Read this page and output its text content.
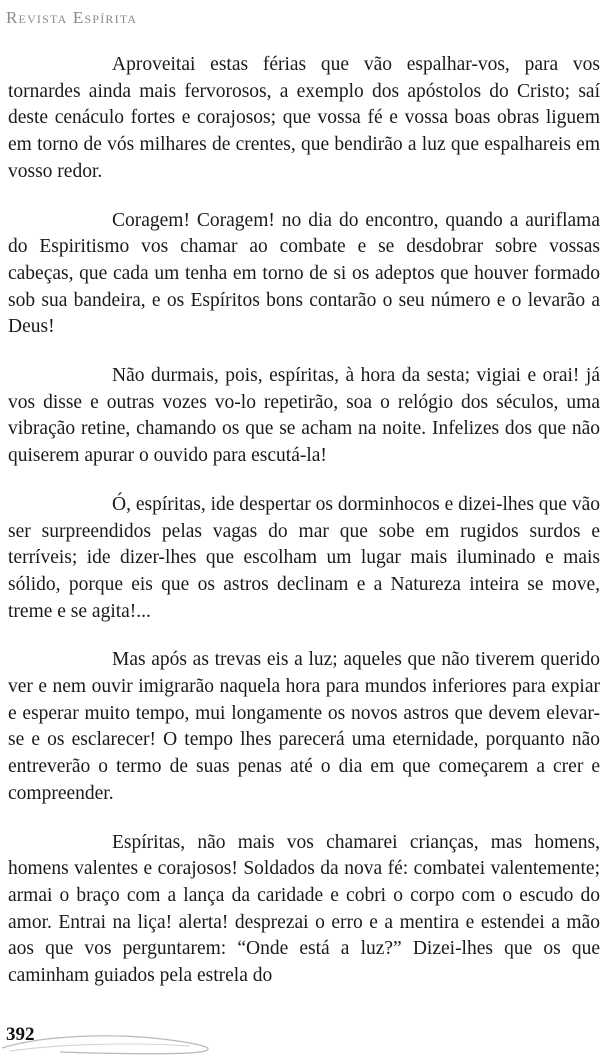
Revista Espírita

Aproveitai estas férias que vão espalhar-vos, para vos tornardes ainda mais fervorosos, a exemplo dos apóstolos do Cristo; saí deste cenáculo fortes e corajosos; que vossa fé e vossa boas obras liguem em torno de vós milhares de crentes, que bendirão a luz que espalhareis em vosso redor.

Coragem! Coragem! no dia do encontro, quando a auriflama do Espiritismo vos chamar ao combate e se desdobrar sobre vossas cabeças, que cada um tenha em torno de si os adeptos que houver formado sob sua bandeira, e os Espíritos bons contarão o seu número e o levarão a Deus!

Não durmais, pois, espíritas, à hora da sesta; vigiai e orai! já vos disse e outras vozes vo-lo repetirão, soa o relógio dos séculos, uma vibração retine, chamando os que se acham na noite. Infelizes dos que não quiserem apurar o ouvido para escutá-la!

Ó, espíritas, ide despertar os dorminhocos e dizei-lhes que vão ser surpreendidos pelas vagas do mar que sobe em rugidos surdos e terríveis; ide dizer-lhes que escolham um lugar mais iluminado e mais sólido, porque eis que os astros declinam e a Natureza inteira se move, treme e se agita!...

Mas após as trevas eis a luz; aqueles que não tiverem querido ver e nem ouvir imigrarão naquela hora para mundos inferiores para expiar e esperar muito tempo, mui longamente os novos astros que devem elevar-se e os esclarecer! O tempo lhes parecerá uma eternidade, porquanto não entreverão o termo de suas penas até o dia em que começarem a crer e compreender.

Espíritas, não mais vos chamarei crianças, mas homens, homens valentes e corajosos! Soldados da nova fé: combatei valentemente; armai o braço com a lança da caridade e cobri o corpo com o escudo do amor. Entrai na liça! alerta! desprezai o erro e a mentira e estendei a mão aos que vos perguntarem: “Onde está a luz?” Dizei-lhes que os que caminham guiados pela estrela do

392
